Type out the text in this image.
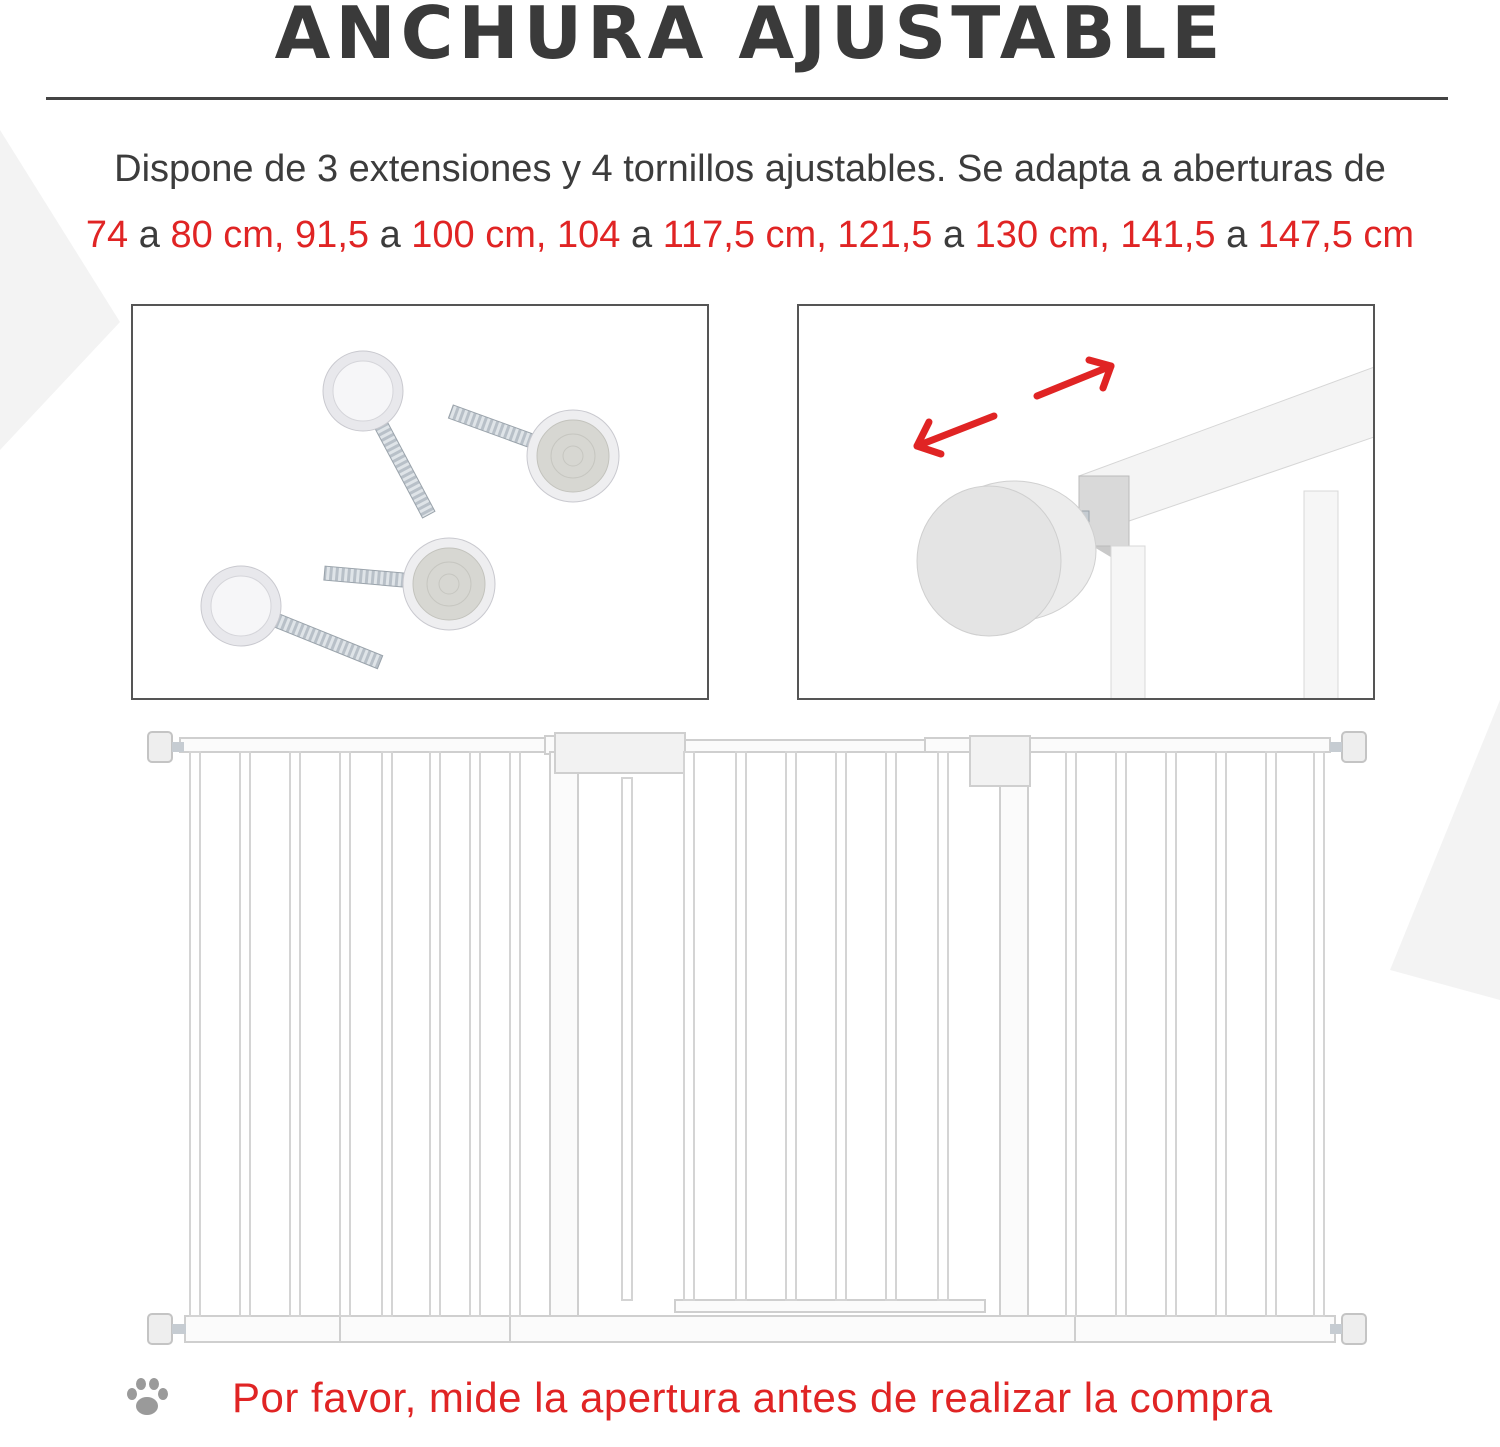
ANCHURA AJUSTABLE
Dispone de 3 extensiones y 4 tornillos ajustables. Se adapta a aberturas de
74 a 80 cm, 91,5 a 100 cm, 104 a 117,5 cm, 121,5 a 130 cm, 141,5 a 147,5 cm
Por favor, mide la apertura antes de realizar la compra
